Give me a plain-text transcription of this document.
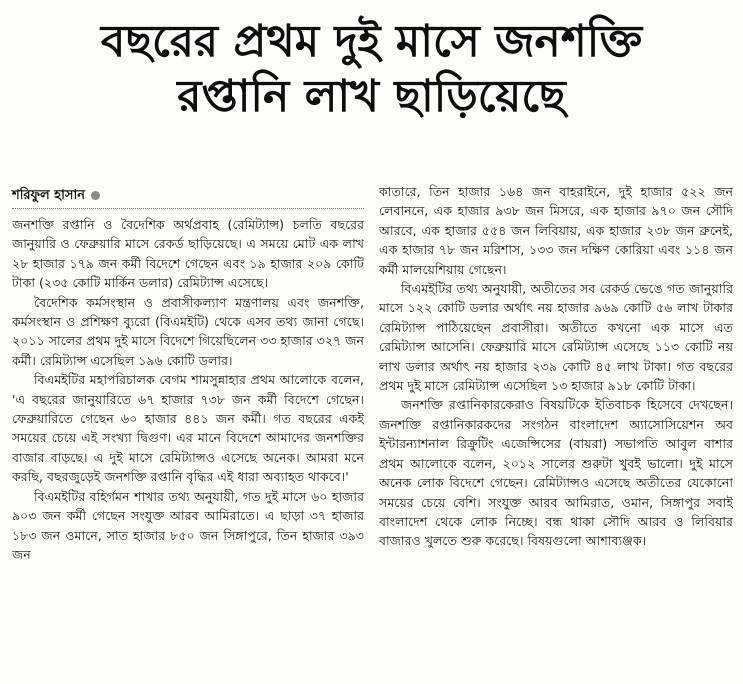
বছরের প্রথম দুই মাসে জনশক্তি
রপ্তানি লাখ ছাড়িয়েছে
শরিফুল হাসান

জনশক্তি রপ্তানি ও বৈদেশিক অর্থপ্রবাহ (রেমিট্যান্স) চলতি বছরের জানুয়ারি ও ফেব্রুয়ারি মাসে রেকর্ড ছাড়িয়েছে। এ সময়ে মোট এক লাখ ২৮ হাজার ১৭৯ জন কর্মী বিদেশে গেছেন এবং ১৯ হাজার ২০৯ কোটি টাকা (২৩৫ কোটি মার্কিন ডলার) রেমিট্যান্স এসেছে।

বৈদেশিক কর্মসংস্থান ও প্রবাসীকল্যাণ মন্ত্রণালয় এবং জনশক্তি, কর্মসংস্থান ও প্রশিক্ষণ ব্যুরো (বিএমইটি) থেকে এসব তথ্য জানা গেছে। ২০১১ সালের প্রথম দুই মাসে বিদেশে গিয়েছিলেন ৩৩ হাজার ৩২৭ জন কর্মী। রেমিট্যান্স এসেছিল ১৯৬ কোটি ডলার।

বিএমইটির মহাপরিচালক বেগম শামসুন্নাহার প্রথম আলোকে বলেন, 'এ বছরের জানুয়ারিতে ৬৭ হাজার ৭৩৮ জন কর্মী বিদেশে গেছেন। ফেব্রুয়ারিতে গেছেন ৬০ হাজার ৪৪১ জন কর্মী। গত বছরের একই সময়ের চেয়ে এই সংখ্যা দ্বিগুণ। এর মানে বিদেশে আমাদের জনশক্তির বাজার বাড়ছে। এ দুই মাসে রেমিট্যান্সও এসেছে অনেক। আমরা মনে করছি, বছরজুড়েই জনশক্তি রপ্তানি বৃদ্ধির এই ধারা অব্যাহত থাকবে।'

বিএমইটির বহির্গমন শাখার তথ্য অনুযায়ী, গত দুই মাসে ৬০ হাজার ৯০৩ জন কর্মী গেছেন সংযুক্ত আরব আমিরাতে। এ ছাড়া ৩৭ হাজার ১৮৩ জন ওমানে, সাত হাজার ৮৫০ জন সিঙ্গাপুরে, তিন হাজার ৩৯৩ জন

কাতারে, তিন হাজার ১৬৪ জন বাহরাইনে, দুই হাজার ৫২২ জন লেবাননে, এক হাজার ৯৩৮ জন মিসরে, এক হাজার ৯৭০ জন সৌদি আরবে, এক হাজার ৫৫৪ জন লিবিয়ায়, এক হাজার ২৩৮ জন ব্রুনেই, এক হাজার ৭৮ জন মরিশাস, ১৩৩ জন দক্ষিণ কোরিয়া এবং ১১৪ জন কর্মী মালয়েশিয়ায় গেছেন।

বিএমইটির তথ্য অনুযায়ী, অতীতের সব রেকর্ড ভেঙে গত জানুয়ারি মাসে ১২২ কোটি ডলার অর্থাৎ নয় হাজার ৯৬৯ কোটি ৫৬ লাখ টাকার রেমিট্যান্স পাঠিয়েছেন প্রবাসীরা। অতীতে কখনো এক মাসে এত রেমিট্যান্স আসেনি। ফেব্রুয়ারি মাসে রেমিট্যান্স এসেছে ১১৩ কোটি নয় লাখ ডলার অর্থাৎ নয় হাজার ২৩৯ কোটি ৪৫ লাখ টাকা। গত বছরের প্রথম দুই মাসে রেমিট্যান্স এসেছিল ১৩ হাজার ৯১৮ কোটি টাকা।

জনশক্তি রপ্তানিকারকেরাও বিষয়টিকে ইতিবাচক হিসেবে দেখছেন। জনশক্তি রপ্তানিকারকদের সংগঠন বাংলাদেশ অ্যাসোসিয়েশন অব ইন্টারন্যাশনাল রিক্রুটিং এজেন্সিসের (বায়রা) সভাপতি আবুল বাশার প্রথম আলোকে বলেন, ২০১২ সালের শুরুটা খুবই ভালো। দুই মাসে অনেক লোক বিদেশে গেছেন। রেমিট্যান্সও এসেছে অতীতের যেকোনো সময়ের চেয়ে বেশি। সংযুক্ত আরব আমিরাত, ওমান, সিঙ্গাপুর সবাই বাংলাদেশ থেকে লোক নিচ্ছে। বন্ধ থাকা সৌদি আরব ও লিবিয়ার বাজারও খুলতে শুরু করেছে। বিষয়গুলো আশাব্যঞ্জক।
